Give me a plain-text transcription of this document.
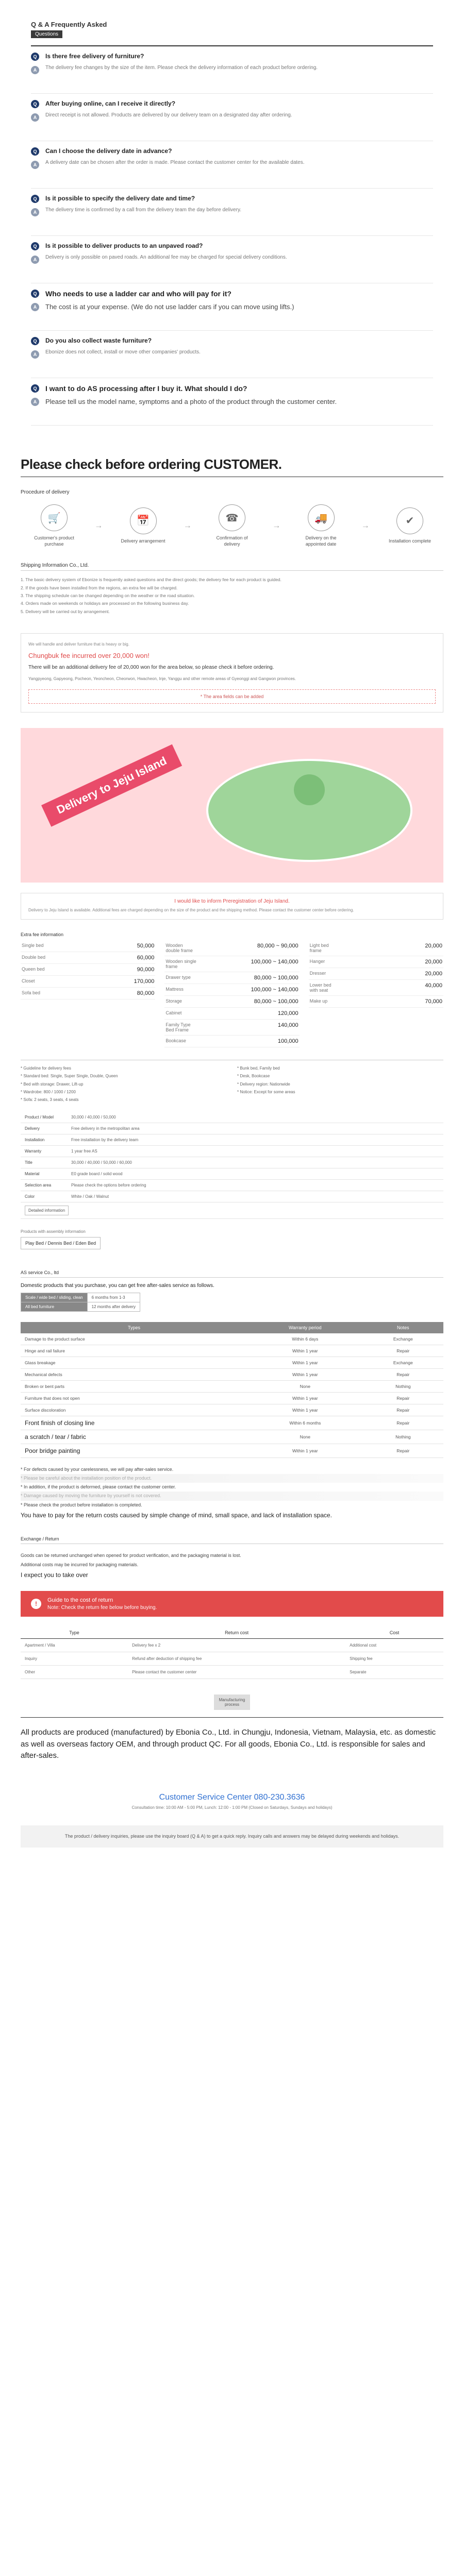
Q & A Frequently Asked
Questions
Q
A
Is there free delivery of furniture?
The delivery fee changes by the size of the item. Please check the delivery information of each product before ordering.
Q
A
After buying online, can I receive it directly?
Direct receipt is not allowed. Products are delivered by our delivery team on a designated day after ordering.
Q
A
Can I choose the delivery date in advance?
A delivery date can be chosen after the order is made. Please contact the customer center for the available dates.
Q
A
Is it possible to specify the delivery date and time?
The delivery time is confirmed by a call from the delivery team the day before delivery.
Q
A
Is it possible to deliver products to an unpaved road?
Delivery is only possible on paved roads. An additional fee may be charged for special delivery conditions.
Q
A
Who needs to use a ladder car and who will pay for it?
The cost is at your expense. (We do not use ladder cars if you can move using lifts.)
Q
A
Do you also collect waste furniture?
Ebonize does not collect, install or move other companies' products.
Q
A
I want to do AS processing after I buy it. What should I do?
Please tell us the model name, symptoms and a photo of the product through the customer center.
Please check before ordering CUSTOMER.
Procedure of delivery
🛒
Customer's product purchase
→	📅
Delivery arrangement
→
☎
Confirmation of delivery
→
🚚
Delivery on the appointed date
→	✔
Installation complete
Shipping Information Co., Ltd.

1. The basic delivery system of Ebonize is frequently asked questions and the direct goods; the delivery fee for each product is guided.

2. If the goods have been installed from the regions, an extra fee will be charged.

3. The shipping schedule can be changed depending on the weather or the road situation.

4. Orders made on weekends or holidays are processed on the following business day.

5. Delivery will be carried out by arrangement.

We will handle and deliver furniture that is heavy or big.
Chungbuk fee incurred over 20,000 won!
There will be an additional delivery fee of 20,000 won for the area below, so please check it before ordering.
Yangpyeong, Gapyeong, Pocheon, Yeoncheon, Cheorwon, Hwacheon, Inje, Yanggu and other remote areas of Gyeonggi and Gangwon provinces.
* The area fields can be added
Delivery to Jeju Island
I would like to inform Preregistration of Jeju Island.
Delivery to Jeju Island is available. Additional fees are charged depending on the size of the product and the shipping method. Please contact the customer center before ordering.
Extra fee information
Single bed	50,000
Double bed	60,000
Queen bed	90,000
Closet	170,000
Sofa bed	80,000
Wooden double frame
80,000 ~ 90,000
Wooden single frame
100,000 ~ 140,000
Drawer type	80,000 ~ 100,000
Mattress	100,000 ~ 140,000
Storage	80,000 ~ 100,000
Cabinet	120,000
Family Type Bed Frame
140,000
Bookcase	100,000
Light bed frame
20,000
Hanger	20,000
Dresser	20,000
Lower bed with seat
40,000
Make up	70,000

* Guideline for delivery fees

* Standard bed: Single, Super Single, Double, Queen

* Bed with storage: Drawer, Lift-up

* Wardrobe: 800 / 1000 / 1200

* Sofa: 2 seats, 3 seats, 4 seats

* Bunk bed, Family bed

* Desk, Bookcase

* Delivery region: Nationwide

* Notice: Except for some areas

Product / Model	30,000 / 40,000 / 50,000
Delivery	Free delivery in the metropolitan area
Installation	Free installation by the delivery team
Warranty	1 year free AS
Title	30,000 / 40,000 / 50,000 / 60,000
Material	E0 grade board / solid wood
Selection area	Please check the options before ordering
Color	White / Oak / Walnut
Detailed information	
Products with assembly information
Play Bed / Dennis Bed / Eden Bed
AS service Co., ltd
Domestic products that you purchase, you can get free after-sales service as follows.
Scale / wide bed / sliding, clean	6 months from 1-3
All bed furniture	12 months after delivery
Types	Warranty period	Notes
Damage to the product surface	Within 6 days	Exchange
Hinge and rail failure	Within 1 year	Repair
Glass breakage	Within 1 year	Exchange
Mechanical defects	Within 1 year	Repair
Broken or bent parts	None	Nothing
Furniture that does not open	Within 1 year	Repair
Surface discoloration	Within 1 year	Repair
Front finish of closing line	Within 6 months	Repair
a scratch / tear / fabric	None	Nothing
Poor bridge painting	Within 1 year	Repair

* For defects caused by your carelessness, we will pay after-sales service.

* Please be careful about the installation position of the product.

* In addition, if the product is deformed, please contact the customer center.

* Damage caused by moving the furniture by yourself is not covered.

* Please check the product before installation is completed.

You have to pay for the return costs caused by simple change of mind, small space, and lack of installation space.

Exchange / Return

Goods can be returned unchanged when opened for product verification, and the packaging material is lost.

Additional costs may be incurred for packaging materials.

I expect you to take over

!	Guide to the cost of return
Note: Check the return fee below before buying.
Type	Return cost	Cost
Apartment / Villa	Delivery fee x 2	Additional cost
Inquiry	Refund after deduction of shipping fee	Shipping fee
Other	Please contact the customer center	Separate
Manufacturing process
All products are produced (manufactured) by Ebonia Co., Ltd. in Chungju, Indonesia, Vietnam, Malaysia, etc. as domestic as well as overseas factory OEM, and through product QC. For all goods, Ebonia Co., Ltd. is responsible for sales and after-sales.
Customer Service Center 080-230.3636
Consultation time: 10:00 AM - 5:00 PM, Lunch: 12:00 - 1:00 PM (Closed on Saturdays, Sundays and holidays)
The product / delivery inquiries, please use the inquiry board (Q & A) to get a quick reply. Inquiry calls and answers may be delayed during weekends and holidays.
